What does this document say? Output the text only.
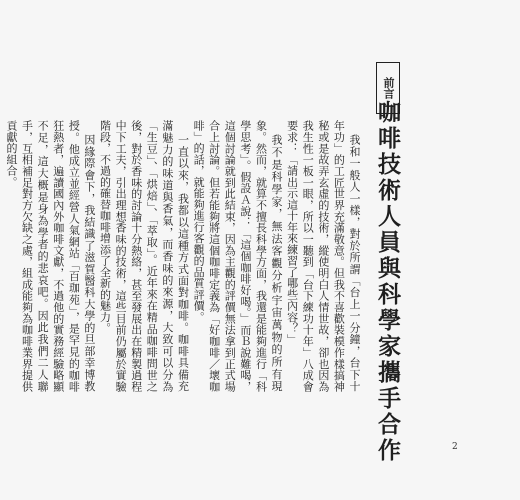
前言
咖啡技術人員與科學家攜手合作

我和一般人一樣，對於所謂「台上一分鐘，台下十年功」的工匠世界充滿敬意。但我不喜歡裝模作樣搞神秘或是故弄玄虛的技術，縱使明白人情世故，卻也因為我生性一板一眼，所以一聽到「台下練功十年」八成會要求：「請出示這十年來練習了哪些內容？」

我不是科學家，無法客觀分析宇宙萬物的所有現象。然而，就算不擅長科學方面，我還是能夠進行「科學思考」。假設Ａ說：「這個咖啡好喝。」而Ｂ說難喝，這個討論就到此結束，因為主觀的評價無法拿到正式場合上討論。但若能夠將這個咖啡定義為「好咖啡／壞咖啡」的話，就能夠進行客觀的品質評價。

一直以來，我都以這種方式面對咖啡。咖啡具備充滿魅力的味道與香氣，而香味的來源，大致可以分為「生豆」、「烘焙」、「萃取」。近年來在精品咖啡問世之後，對於香味的討論十分熱絡，甚至發展出在精製過程中下工夫，引出理想香味的技術，這些目前仍屬於實驗階段，不過的確替咖啡增添了全新的魅力。

因緣際會下，我結識了滋賀醫科大學的旦部幸博教授。他成立並經營人氣網站「百珈苑」，是罕見的咖啡狂熱者，遍讀國內外咖啡文獻，不過他的實務經驗略顯不足，這大概是身為學者的悲哀吧。因此我們二人聯手，互相補足對方欠缺之處，組成能夠為咖啡業界提供貢獻的組合。

2
